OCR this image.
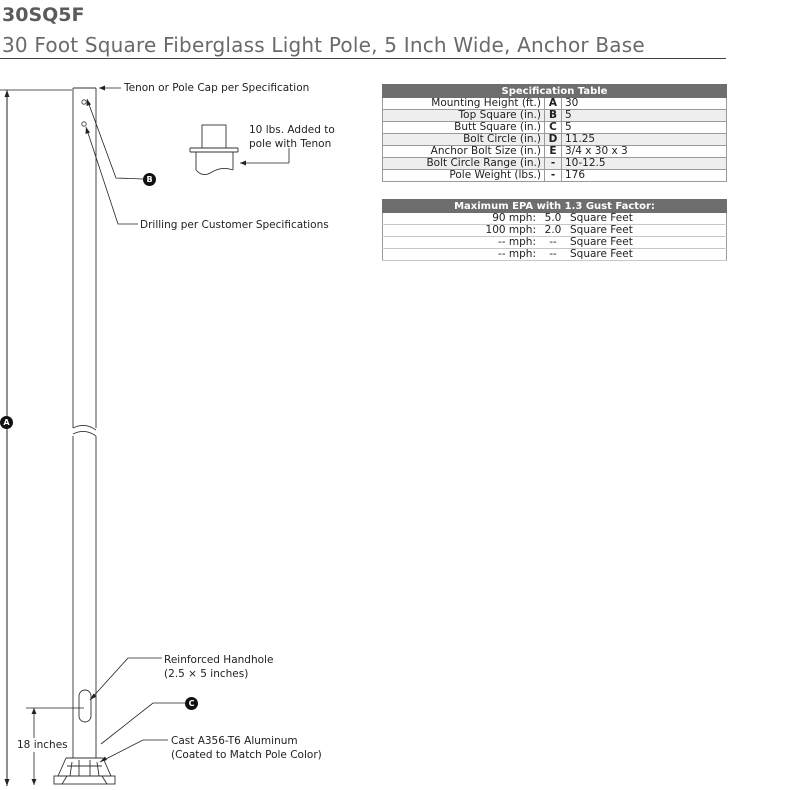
30SQ5F
30 Foot Square Fiberglass Light Pole, 5 Inch Wide, Anchor Base
Tenon or Pole Cap per Specification
10 lbs. Added to
pole with Tenon
Drilling per Customer Specifications
Reinforced Handhole
(2.5 × 5 inches)
Cast A356-T6 Aluminum
(Coated to Match Pole Color)
18 inches
A
B
C
Specification Table		
Mounting Height (ft.)	A	30
Top Square (in.)	B	5
Butt Square (in.)	C	5
Bolt Circle (in.)	D	11.25
Anchor Bolt Size (in.)	E	3/4 x 30 x 3
Bolt Circle Range (in.)	-	10-12.5
Pole Weight (lbs.)	-	176
Maximum EPA with 1.3 Gust Factor:		
90 mph:	5.0	Square Feet
100 mph:	2.0	Square Feet
-- mph:	--	Square Feet
-- mph:	--	Square Feet
